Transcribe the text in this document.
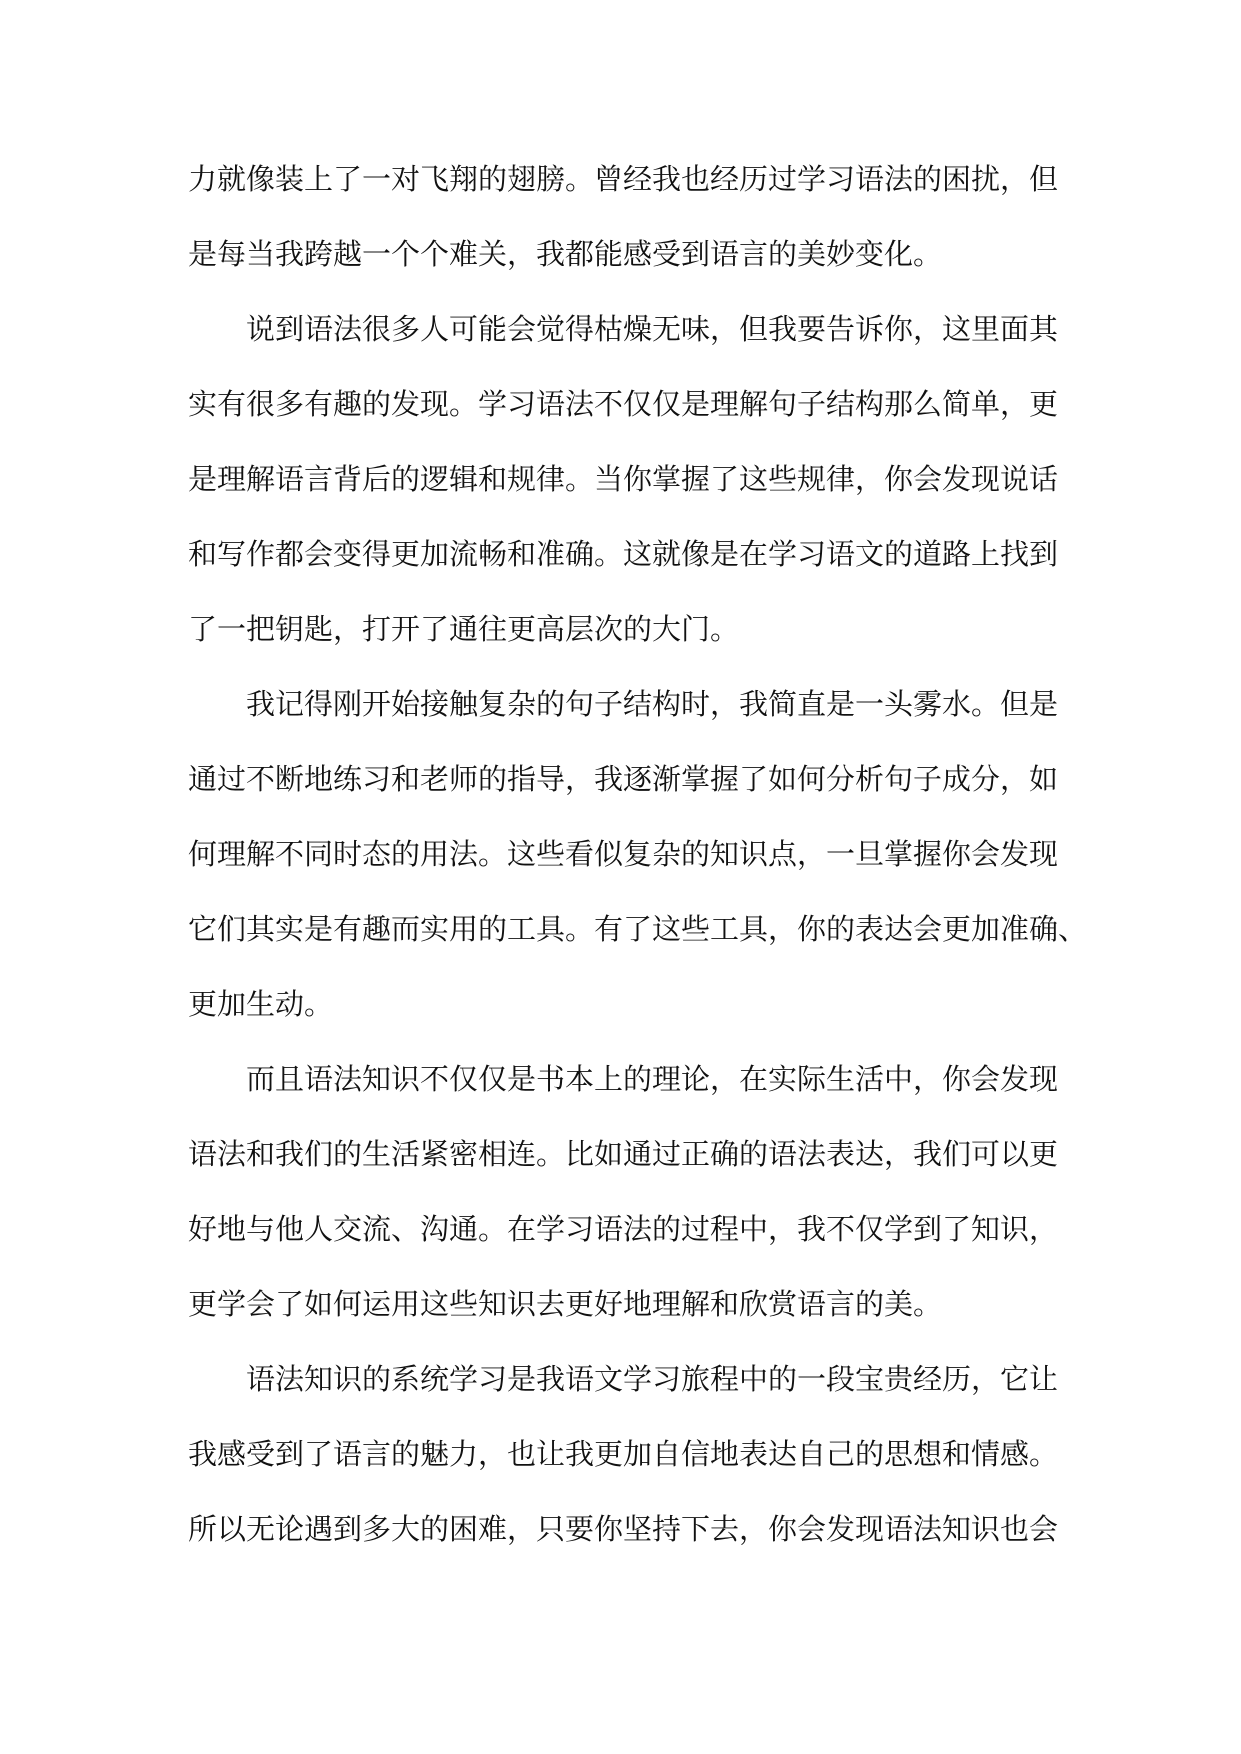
力就像装上了一对飞翔的翅膀。曾经我也经历过学习语法的困扰，但
是每当我跨越一个个难关，我都能感受到语言的美妙变化。
说到语法很多人可能会觉得枯燥无味，但我要告诉你，这里面其
实有很多有趣的发现。学习语法不仅仅是理解句子结构那么简单，更
是理解语言背后的逻辑和规律。当你掌握了这些规律，你会发现说话
和写作都会变得更加流畅和准确。这就像是在学习语文的道路上找到
了一把钥匙，打开了通往更高层次的大门。
我记得刚开始接触复杂的句子结构时，我简直是一头雾水。但是
通过不断地练习和老师的指导，我逐渐掌握了如何分析句子成分，如
何理解不同时态的用法。这些看似复杂的知识点，一旦掌握你会发现
它们其实是有趣而实用的工具。有了这些工具，你的表达会更加准确、
更加生动。
而且语法知识不仅仅是书本上的理论，在实际生活中，你会发现
语法和我们的生活紧密相连。比如通过正确的语法表达，我们可以更
好地与他人交流、沟通。在学习语法的过程中，我不仅学到了知识，
更学会了如何运用这些知识去更好地理解和欣赏语言的美。
语法知识的系统学习是我语文学习旅程中的一段宝贵经历，它让
我感受到了语言的魅力，也让我更加自信地表达自己的思想和情感。
所以无论遇到多大的困难，只要你坚持下去，你会发现语法知识也会
